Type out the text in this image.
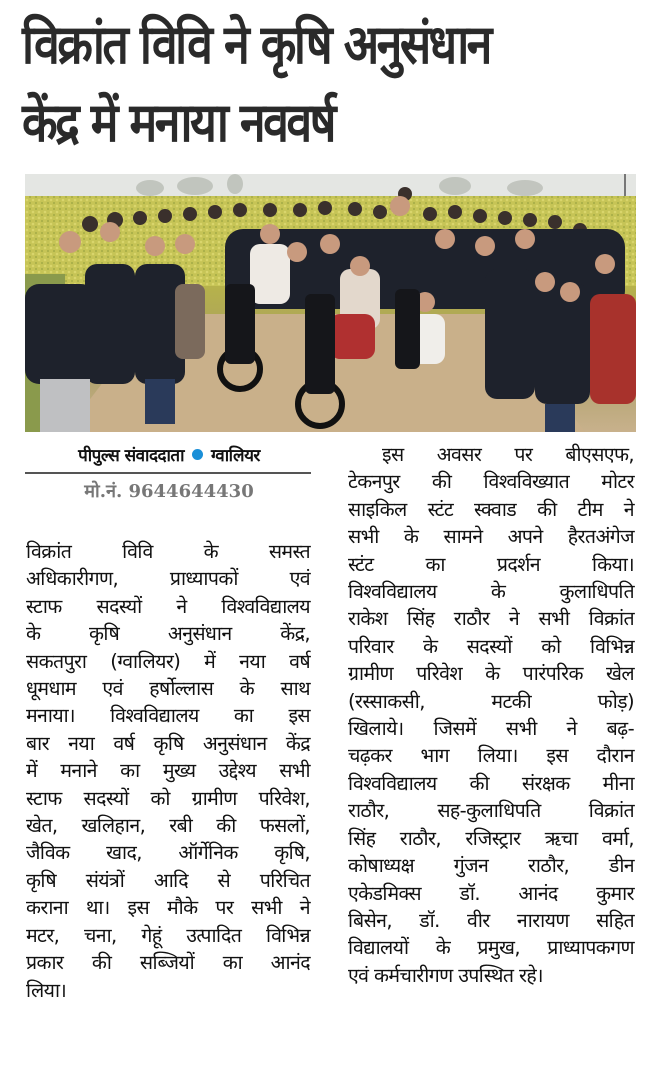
विक्रांत विवि ने कृषि अनुसंधान
केंद्र में मनाया नववर्ष
पीपुल्स संवाददाता ग्वालियर
मो.नं. 9644644430
विक्रांत विवि के समस्त
अधिकारीगण, प्राध्यापकों एवं
स्टाफ सदस्यों ने विश्वविद्यालय
के कृषि अनुसंधान केंद्र,
सकतपुरा (ग्वालियर) में नया वर्ष
धूमधाम एवं हर्षोल्लास के साथ
मनाया। विश्वविद्यालय का इस
बार नया वर्ष कृषि अनुसंधान केंद्र
में मनाने का मुख्य उद्देश्य सभी
स्टाफ सदस्यों को ग्रामीण परिवेश,
खेत, खलिहान, रबी की फसलों,
जैविक खाद, ऑर्गेनिक कृषि,
कृषि संयंत्रों आदि से परिचित
कराना था। इस मौके पर सभी ने
मटर, चना, गेहूं उत्पादित विभिन्न
प्रकार की सब्जियों का आनंद
लिया।
इस अवसर पर बीएसएफ,
टेकनपुर की विश्वविख्यात मोटर
साइकिल स्टंट स्क्वाड की टीम ने
सभी के सामने अपने हैरतअंगेज
स्टंट का प्रदर्शन किया।
विश्वविद्यालय के कुलाधिपति
राकेश सिंह राठौर ने सभी विक्रांत
परिवार के सदस्यों को विभिन्न
ग्रामीण परिवेश के पारंपरिक खेल
(रस्साकसी, मटकी फोड़)
खिलाये। जिसमें सभी ने बढ़-
चढ़कर भाग लिया। इस दौरान
विश्वविद्यालय की संरक्षक मीना
राठौर, सह-कुलाधिपति विक्रांत
सिंह राठौर, रजिस्ट्रार ऋचा वर्मा,
कोषाध्यक्ष गुंजन राठौर, डीन
एकेडमिक्स डॉ. आनंद कुमार
बिसेन, डॉ. वीर नारायण सहित
विद्यालयों के प्रमुख, प्राध्यापकगण
एवं कर्मचारीगण उपस्थित रहे।
